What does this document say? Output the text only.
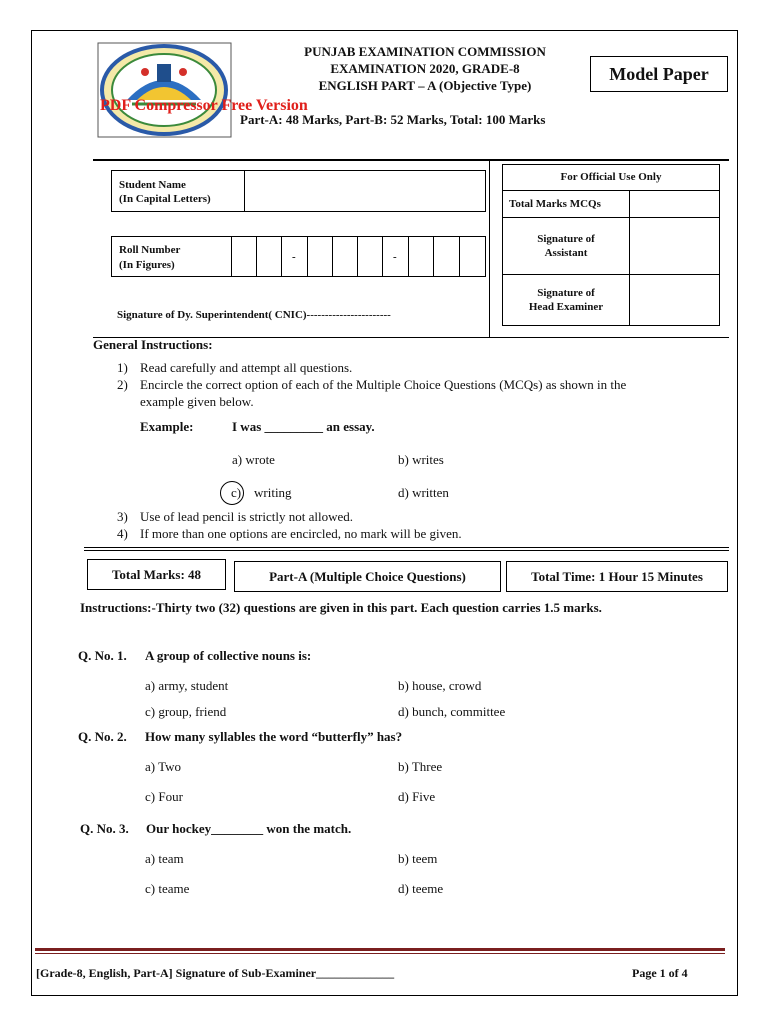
PUNJAB EXAMINATION COMMISSION
EXAMINATION 2020, GRADE-8
ENGLISH PART – A (Objective Type)
Model Paper
PDF Compressor Free Version
Part-A: 48 Marks, Part-B: 52 Marks, Total: 100 Marks
Student Name
(In Capital Letters)
Roll Number
(In Figures)
-	-
Signature of Dy. Superintendent( CNIC)-----------------------
For Official Use Only
Total Marks MCQs
Signature of
Assistant
Signature of
Head Examiner
General Instructions:
1) Read carefully and attempt all questions.
2) Encircle the correct option of each of the Multiple Choice Questions (MCQs) as shown in the
example given below.
Example:	I was _________ an essay.
a) wrote	b) writes
c) writing	d) written
3) Use of lead pencil is strictly not allowed.
4) If more than one options are encircled, no mark will be given.
Total Marks: 48	Part-A (Multiple Choice Questions)	Total Time: 1 Hour 15 Minutes
Instructions:-Thirty two (32) questions are given in this part. Each question carries 1.5 marks.
Q. No. 1. A group of collective nouns is:
a) army, student	b) house, crowd
c) group, friend	d) bunch, committee
Q. No. 2. How many syllables the word “butterfly” has?
a) Two	b) Three
c) Four	d) Five
Q. No. 3. Our hockey________ won the match.
a) team	b) teem
c) teame	d) teeme
[Grade-8, English, Part-A] Signature of Sub-Examiner_____________	Page 1 of 4
